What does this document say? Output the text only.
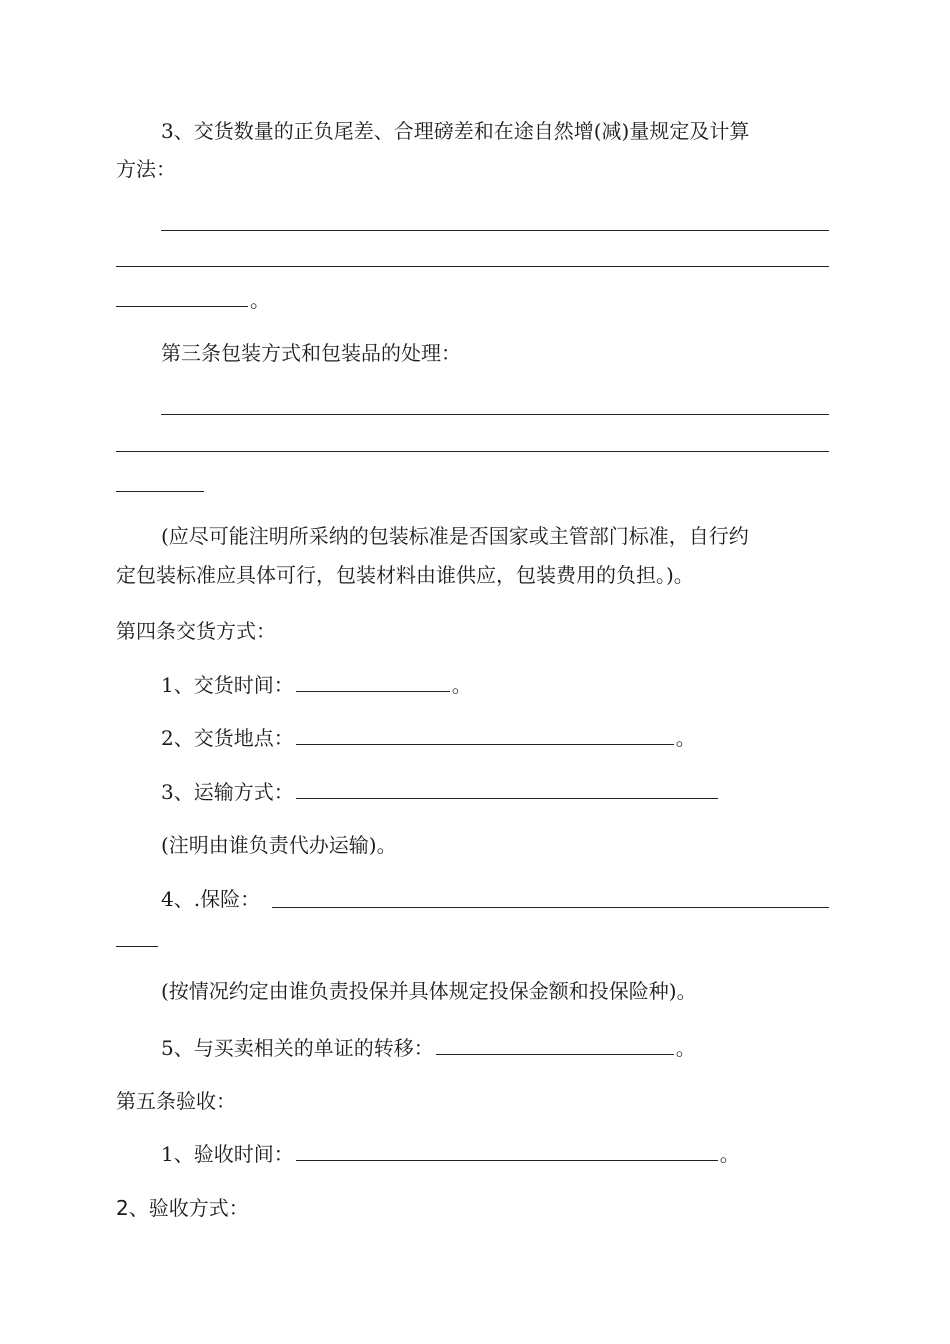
3、交货数量的正负尾差、合理磅差和在途自然增(减)量规定及计算
方法：
。
第三条包装方式和包装品的处理：
(应尽可能注明所采纳的包装标准是否国家或主管部门标准，自行约
定包装标准应具体可行，包装材料由谁供应，包装费用的负担。)。
第四条交货方式：
1、交货时间：	。
2、交货地点：	。
3、运输方式：
(注明由谁负责代办运输)。
4、.保险：
(按情况约定由谁负责投保并具体规定投保金额和投保险种)。
5、与买卖相关的单证的转移：	。
第五条验收：
1、验收时间：	。
2、验收方式：
